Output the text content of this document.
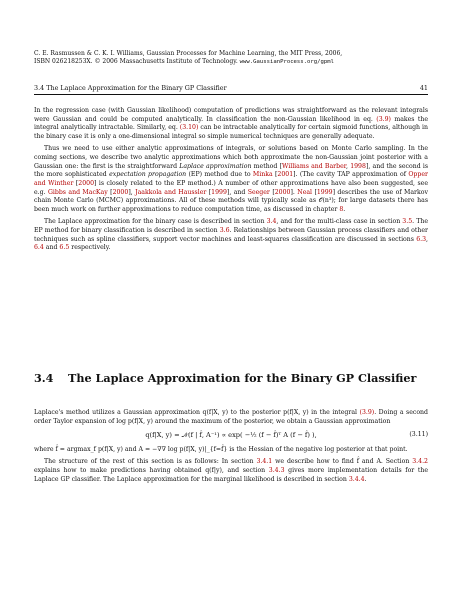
C. E. Rasmussen & C. K. I. Williams, Gaussian Processes for Machine Learning, the MIT Press, 2006,
ISBN 026218253X. © 2006 Massachusetts Institute of Technology. www.GaussianProcess.org/gpml
3.4 The Laplace Approximation for the Binary GP Classifier	41

In the regression case (with Gaussian likelihood) computation of predictions was straightforward as the relevant integrals were Gaussian and could be computed analytically. In classification the non-Gaussian likelihood in eq. (3.9) makes the integral analytically intractable. Similarly, eq. (3.10) can be intractable analytically for certain sigmoid functions, although in the binary case it is only a one-dimensional integral so simple numerical techniques are generally adequate.

Thus we need to use either analytic approximations of integrals, or solutions based on Monte Carlo sampling. In the coming sections, we describe two analytic approximations which both approximate the non-Gaussian joint posterior with a Gaussian one: the first is the straightforward Laplace approximation method [Williams and Barber, 1998], and the second is the more sophisticated expectation propagation (EP) method due to Minka [2001]. (The cavity TAP approximation of Opper and Winther [2000] is closely related to the EP method.) A number of other approximations have also been suggested, see e.g. Gibbs and MacKay [2000], Jaakkola and Haussler [1999], and Seeger [2000]. Neal [1999] describes the use of Markov chain Monte Carlo (MCMC) approximations. All of these methods will typically scale as 𝒪(n³); for large datasets there has been much work on further approximations to reduce computation time, as discussed in chapter 8.

The Laplace approximation for the binary case is described in section 3.4, and for the multi-class case in section 3.5. The EP method for binary classification is described in section 3.6. Relationships between Gaussian process classifiers and other techniques such as spline classifiers, support vector machines and least-squares classification are discussed in sections 6.3, 6.4 and 6.5 respectively.

3.4	The Laplace Approximation for the Binary GP Classifier

Laplace's method utilizes a Gaussian approximation q(f|X, y) to the posterior p(f|X, y) in the integral (3.9). Doing a second order Taylor expansion of log p(f|X, y) around the maximum of the posterior, we obtain a Gaussian approximation

q(f|X, y) = 𝒩(f | f̂, A⁻¹) ∝ exp( −½ (f − f̂)ᵀ A (f − f̂) ),	(3.11)

where f̂ = argmax_f p(f|X, y) and A = −∇∇ log p(f|X, y)|_{f=f̂} is the Hessian of the negative log posterior at that point.

The structure of the rest of this section is as follows: In section 3.4.1 we describe how to find f̂ and A. Section 3.4.2 explains how to make predictions having obtained q(f|y), and section 3.4.3 gives more implementation details for the Laplace GP classifier. The Laplace approximation for the marginal likelihood is described in section 3.4.4.
